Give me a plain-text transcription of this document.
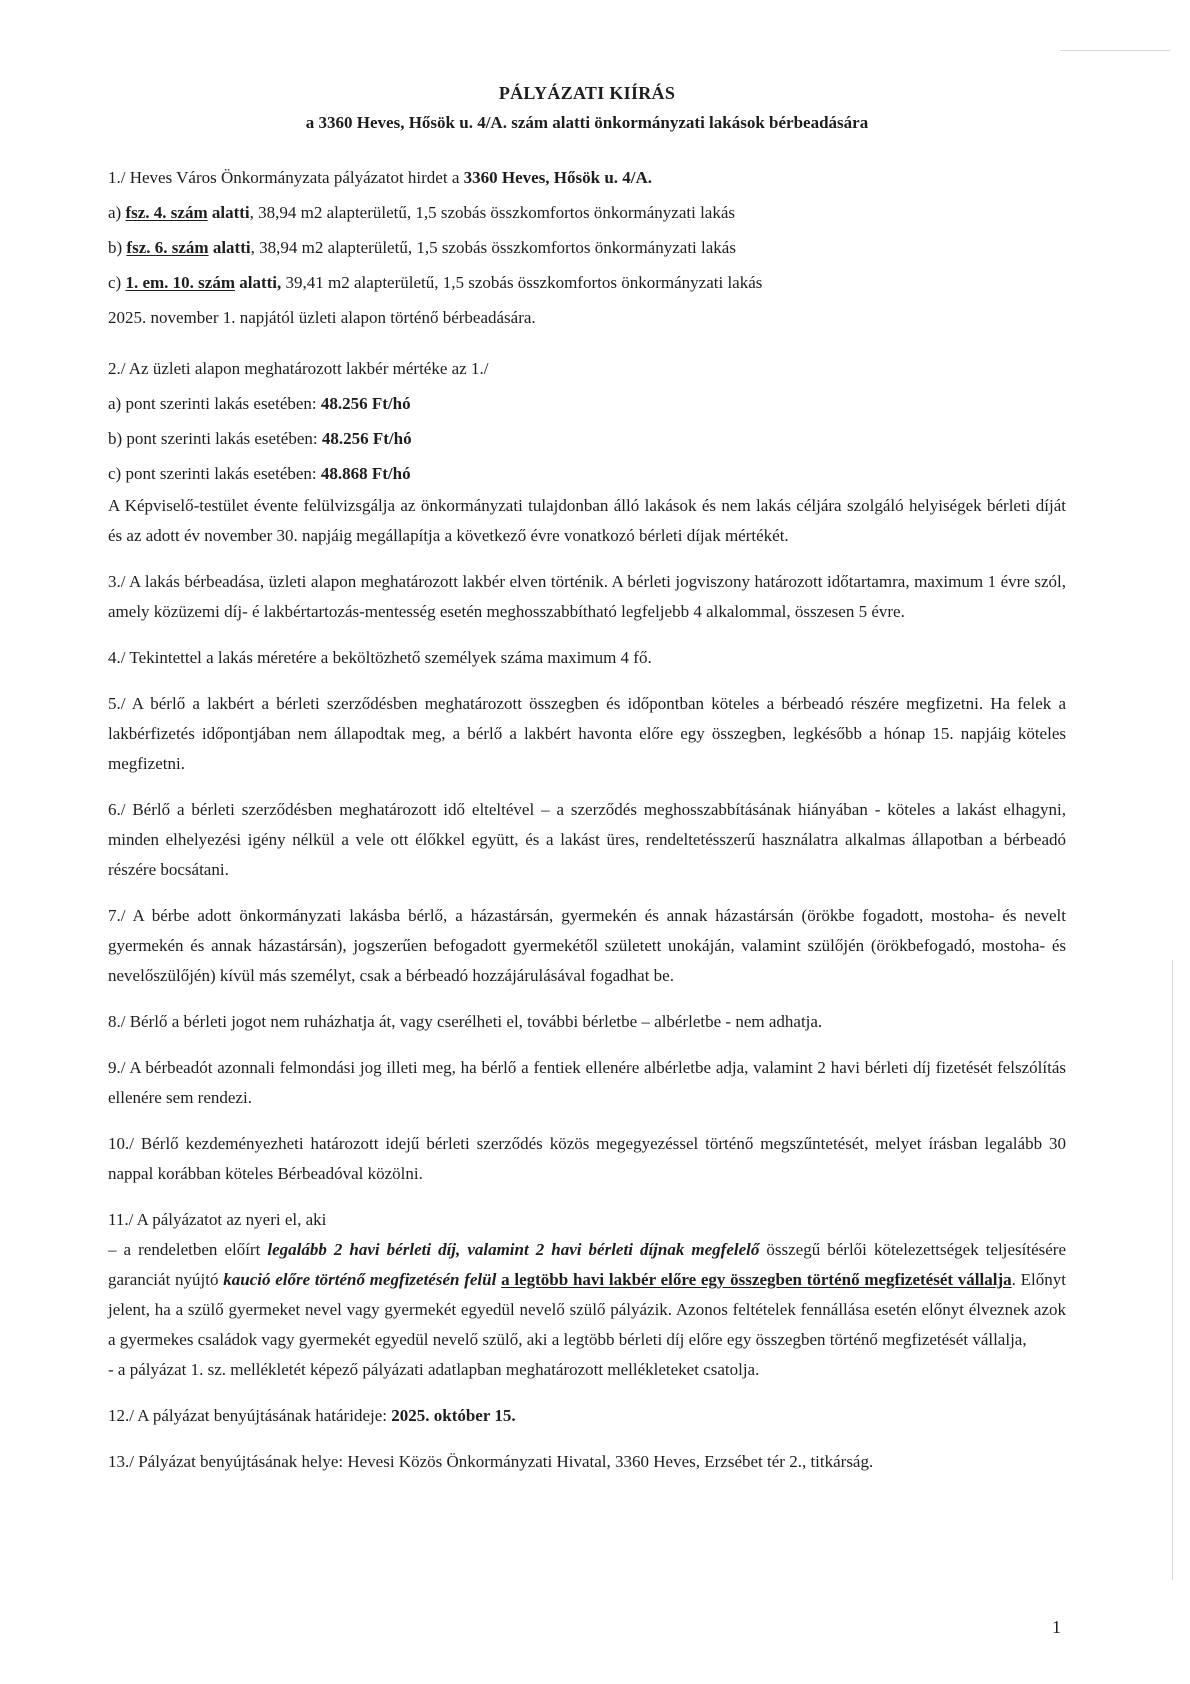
PÁLYÁZATI KIÍRÁS

a 3360 Heves, Hősök u. 4/A. szám alatti önkormányzati lakások bérbeadására

1./ Heves Város Önkormányzata pályázatot hirdet a 3360 Heves, Hősök u. 4/A.
a) fsz. 4. szám alatti, 38,94 m2 alapterületű, 1,5 szobás összkomfortos önkormányzati lakás
b) fsz. 6. szám alatti, 38,94 m2 alapterületű, 1,5 szobás összkomfortos önkormányzati lakás
c) 1. em. 10. szám alatti, 39,41 m2 alapterületű, 1,5 szobás összkomfortos önkormányzati lakás
2025. november 1. napjától üzleti alapon történő bérbeadására.
2./ Az üzleti alapon meghatározott lakbér mértéke az 1./
a) pont szerinti lakás esetében: 48.256 Ft/hó
b) pont szerinti lakás esetében: 48.256 Ft/hó
c) pont szerinti lakás esetében: 48.868 Ft/hó

A Képviselő-testület évente felülvizsgálja az önkormányzati tulajdonban álló lakások és nem lakás céljára szolgáló helyiségek bérleti díját és az adott év november 30. napjáig megállapítja a következő évre vonatkozó bérleti díjak mértékét.

3./ A lakás bérbeadása, üzleti alapon meghatározott lakbér elven történik. A bérleti jogviszony határozott időtartamra, maximum 1 évre szól, amely közüzemi díj- é lakbértartozás-mentesség esetén meghosszabbítható legfeljebb 4 alkalommal, összesen 5 évre.

4./ Tekintettel a lakás méretére a beköltözhető személyek száma maximum 4 fő.

5./ A bérlő a lakbért a bérleti szerződésben meghatározott összegben és időpontban köteles a bérbeadó részére megfizetni. Ha felek a lakbérfizetés időpontjában nem állapodtak meg, a bérlő a lakbért havonta előre egy összegben, legkésőbb a hónap 15. napjáig köteles megfizetni.

6./ Bérlő a bérleti szerződésben meghatározott idő elteltével – a szerződés meghosszabbításának hiányában - köteles a lakást elhagyni, minden elhelyezési igény nélkül a vele ott élőkkel együtt, és a lakást üres, rendeltetésszerű használatra alkalmas állapotban a bérbeadó részére bocsátani.

7./ A bérbe adott önkormányzati lakásba bérlő, a házastársán, gyermekén és annak házastársán (örökbe fogadott, mostoha- és nevelt gyermekén és annak házastársán), jogszerűen befogadott gyermekétől született unokáján, valamint szülőjén (örökbefogadó, mostoha- és nevelőszülőjén) kívül más személyt, csak a bérbeadó hozzájárulásával fogadhat be.

8./ Bérlő a bérleti jogot nem ruházhatja át, vagy cserélheti el, további bérletbe – albérletbe - nem adhatja.

9./ A bérbeadót azonnali felmondási jog illeti meg, ha bérlő a fentiek ellenére albérletbe adja, valamint 2 havi bérleti díj fizetését felszólítás ellenére sem rendezi.

10./ Bérlő kezdeményezheti határozott idejű bérleti szerződés közös megegyezéssel történő megszűntetését, melyet írásban legalább 30 nappal korábban köteles Bérbeadóval közölni.

11./ A pályázatot az nyeri el, aki

– a rendeletben előírt legalább 2 havi bérleti díj, valamint 2 havi bérleti díjnak megfelelő összegű bérlői kötelezettségek teljesítésére garanciát nyújtó kaució előre történő megfizetésén felül a legtöbb havi lakbér előre egy összegben történő megfizetését vállalja. Előnyt jelent, ha a szülő gyermeket nevel vagy gyermekét egyedül nevelő szülő pályázik. Azonos feltételek fennállása esetén előnyt élveznek azok a gyermekes családok vagy gyermekét egyedül nevelő szülő, aki a legtöbb bérleti díj előre egy összegben történő megfizetését vállalja,

- a pályázat 1. sz. mellékletét képező pályázati adatlapban meghatározott mellékleteket csatolja.

12./ A pályázat benyújtásának határideje: 2025. október 15.

13./ Pályázat benyújtásának helye: Hevesi Közös Önkormányzati Hivatal, 3360 Heves, Erzsébet tér 2., titkárság.

1
